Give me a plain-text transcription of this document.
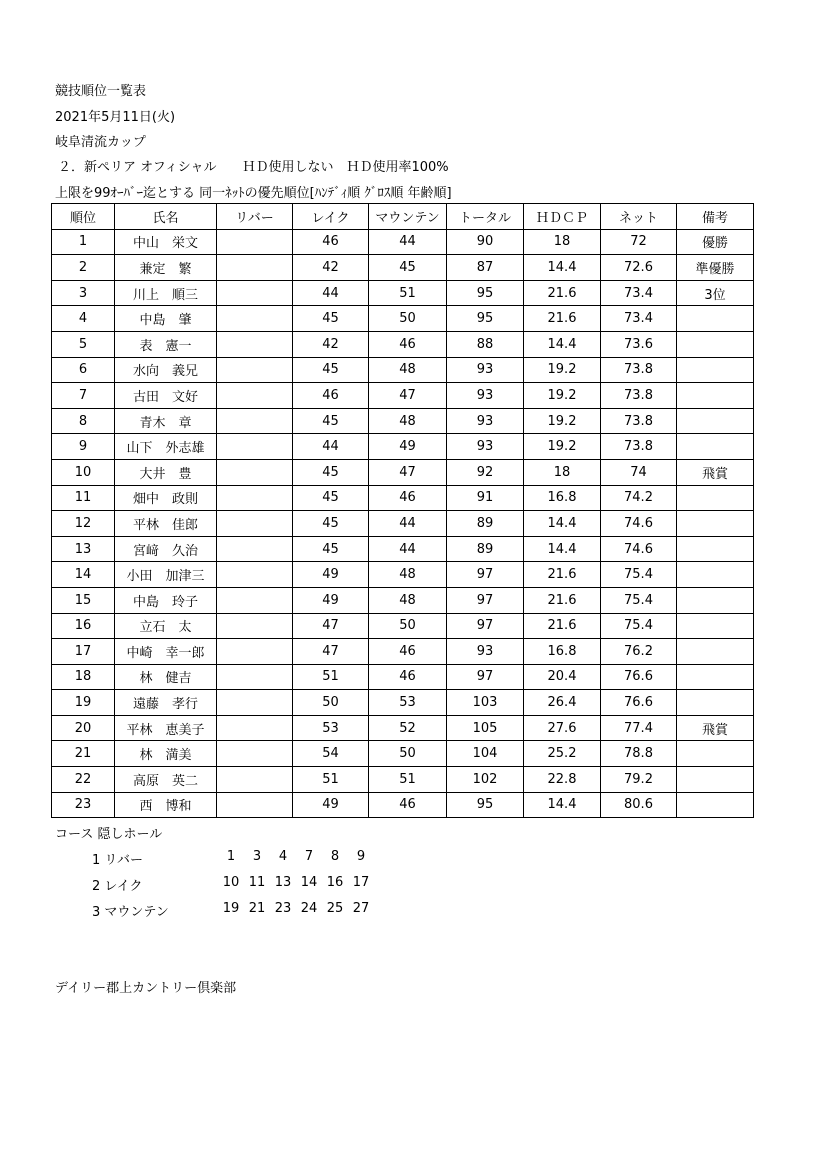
競技順位一覧表
2021年5月11日(火)
岐阜清流カップ
２．新ペリア オフィシャル　　ＨＤ使用しない　ＨＤ使用率100%
上限を99ｵｰﾊﾞｰ迄とする 同一ﾈｯﾄの優先順位[ﾊﾝﾃﾞｨ順 ｸﾞﾛｽ順 年齢順]
順位	氏名	リバー	レイク	マウンテン	トータル	ＨＤＣＰ	ネット	備考
1	中山　栄文		46	44	90	18	72	優勝
2	兼定　繁		42	45	87	14.4	72.6	準優勝
3	川上　順三		44	51	95	21.6	73.4	3位
4	中島　肇		45	50	95	21.6	73.4	
5	表　憲一		42	46	88	14.4	73.6	
6	水向　義兄		45	48	93	19.2	73.8	
7	古田　文好		46	47	93	19.2	73.8	
8	青木　章		45	48	93	19.2	73.8	
9	山下　外志雄		44	49	93	19.2	73.8	
10	大井　豊		45	47	92	18	74	飛賞
11	畑中　政則		45	46	91	16.8	74.2	
12	平林　佳郎		45	44	89	14.4	74.6	
13	宮﨑　久治		45	44	89	14.4	74.6	
14	小田　加津三		49	48	97	21.6	75.4	
15	中島　玲子		49	48	97	21.6	75.4	
16	立石　太		47	50	97	21.6	75.4	
17	中崎　幸一郎		47	46	93	16.8	76.2	
18	林　健吉		51	46	97	20.4	76.6	
19	遠藤　孝行		50	53	103	26.4	76.6	
20	平林　恵美子		53	52	105	27.6	77.4	飛賞
21	林　満美		54	50	104	25.2	78.8	
22	高原　英二		51	51	102	22.8	79.2	
23	西　博和		49	46	95	14.4	80.6	
コース 隠しホール
1 リバー	1 3 4 7 8 9
2 レイク	10 11 13 14 16 17
3 マウンテン	19 21 23 24 25 27
デイリー郡上カントリー倶楽部
